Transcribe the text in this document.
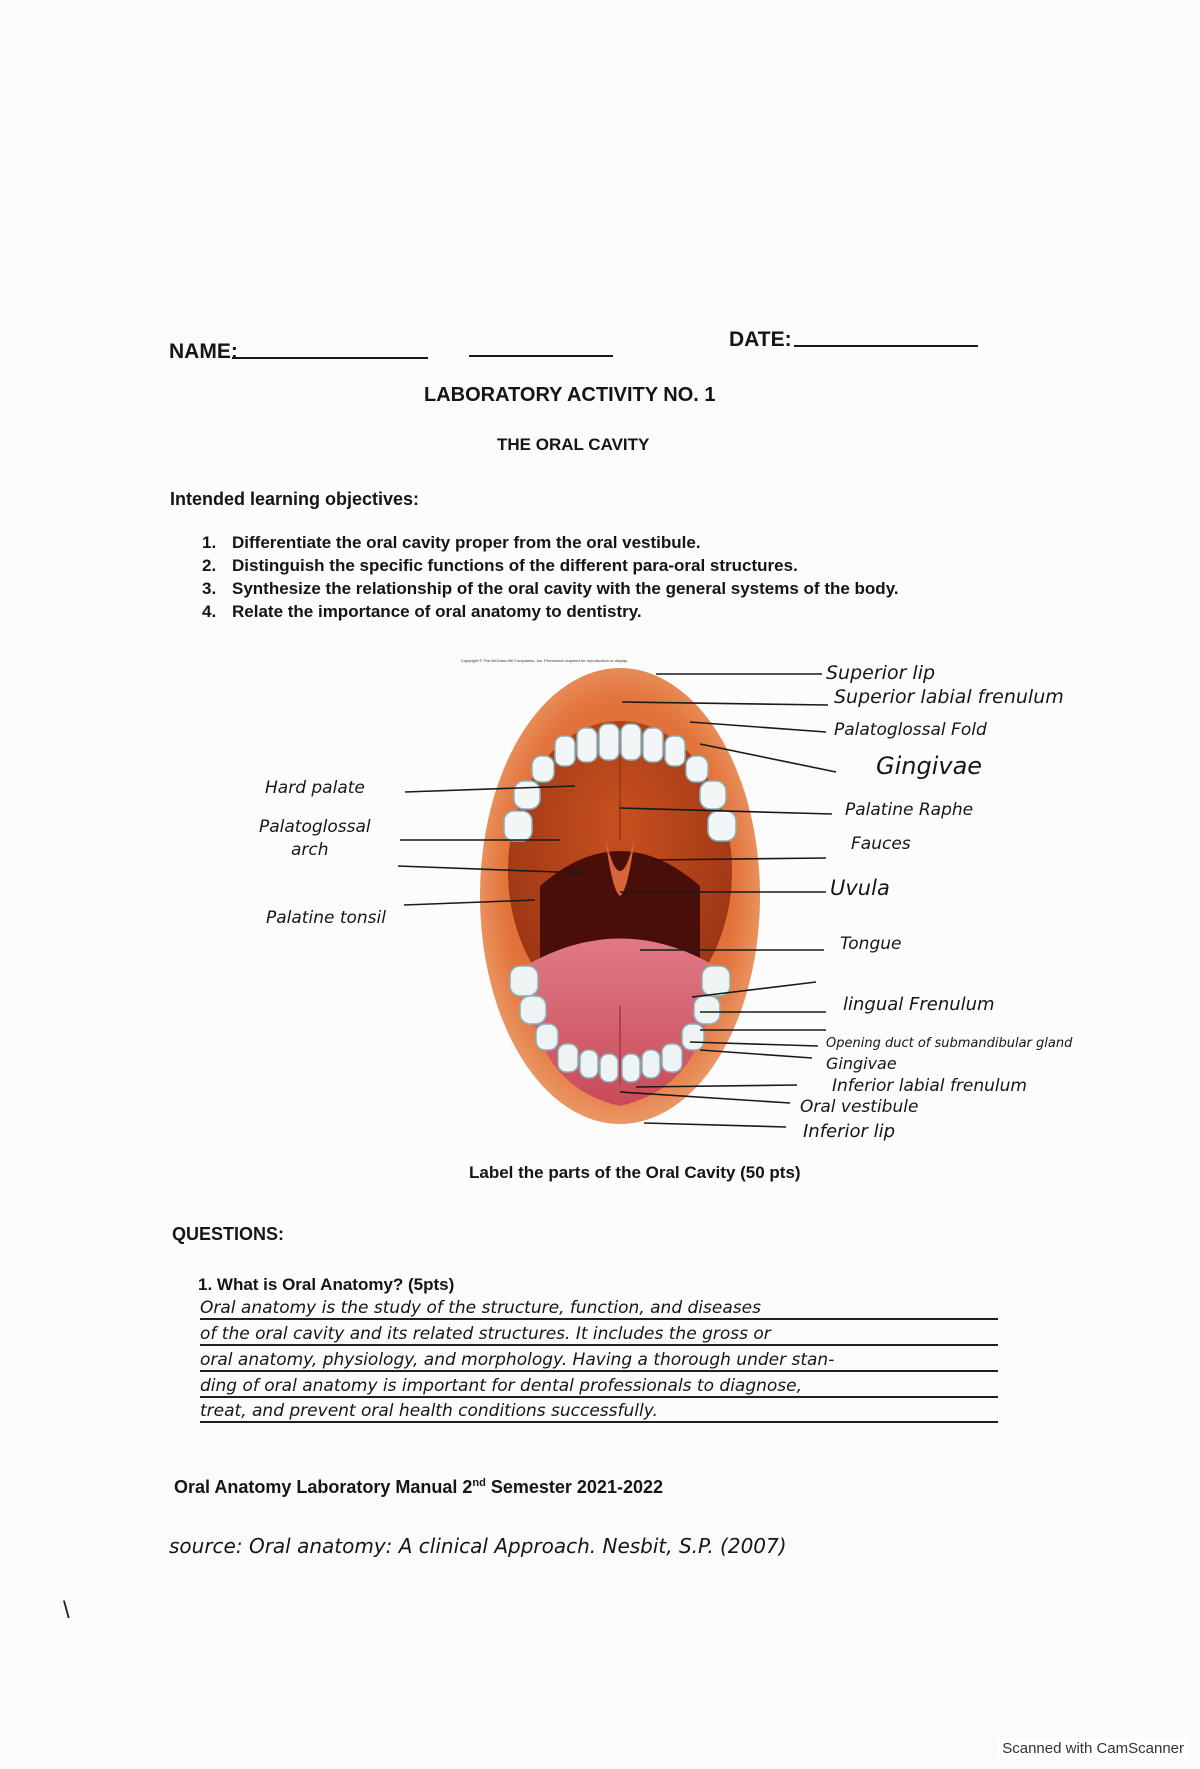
NAME:
DATE:
LABORATORY ACTIVITY NO. 1
THE ORAL CAVITY
Intended learning objectives:
1. Differentiate the oral cavity proper from the oral vestibule.
2. Distinguish the specific functions of the different para-oral structures.
3. Synthesize the relationship of the oral cavity with the general systems of the body.
4. Relate the importance of oral anatomy to dentistry.
Copyright © The McGraw-Hill Companies, Inc. Permission required for reproduction or display.
Hard palate
Palatoglossal
arch
Palatine tonsil
Superior lip
Superior labial frenulum
Palatoglossal Fold
Gingivae
Palatine Raphe
Fauces
Uvula
Tongue
lingual Frenulum
Opening duct of submandibular gland
Gingivae
Inferior labial frenulum
Oral vestibule
Inferior lip
Label the parts of the Oral Cavity (50 pts)
QUESTIONS:
1. What is Oral Anatomy? (5pts)
Oral anatomy is the study of the structure, function, and diseases
of the oral cavity and its related structures. It includes the gross or
oral anatomy, physiology, and morphology. Having a thorough under stan-
ding of oral anatomy is important for dental professionals to diagnose,
treat, and prevent oral health conditions successfully.
Oral Anatomy Laboratory Manual 2nd Semester 2021-2022
source: Oral anatomy: A clinical Approach. Nesbit, S.P. (2007)
\
Scanned with CamScanner
